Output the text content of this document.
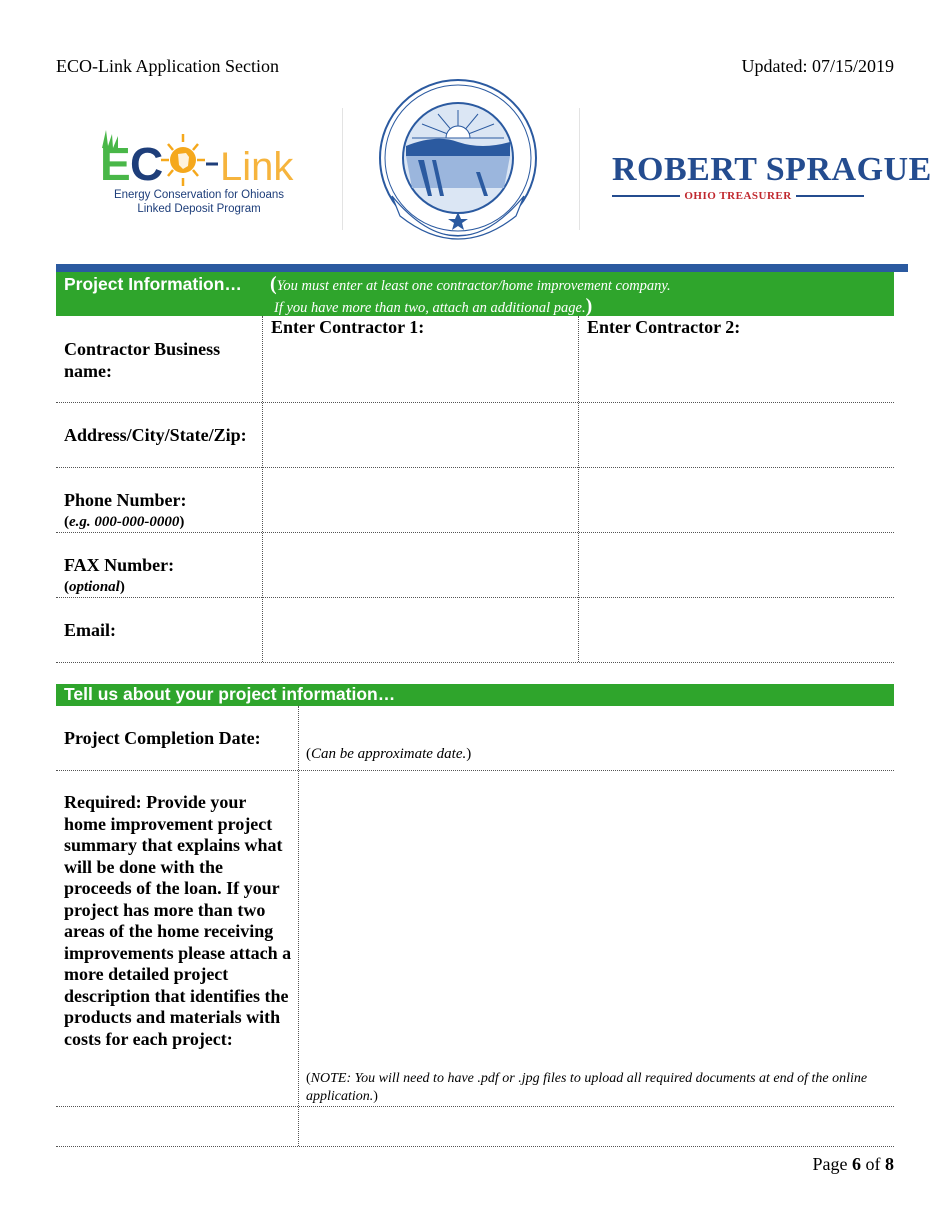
ECO-Link Application Section	Updated: 07/15/2019
E C Link
Energy Conservation for Ohioans
Linked Deposit Program
ROBERT SPRAGUE
OHIO TREASURER
Project Information… (You must enter at least one contractor/home improvement company.
If you have more than two, attach an additional page.)
Enter Contractor 1:	Enter Contractor 2:
Contractor Business name:
Address/City/State/Zip:
Phone Number:
(e.g. 000-000-0000)
FAX Number:
(optional)
Email:
Tell us about your project information…
Project Completion Date:
(Can be approximate date.)
Required: Provide your home improvement project summary that explains what will be done with the proceeds of the loan. If your project has more than two areas of the home receiving improvements please attach a more detailed project description that identifies the products and materials with costs for each project:
(NOTE: You will need to have .pdf or .jpg files to upload all required documents at end of the online application.)
Page 6 of 8
